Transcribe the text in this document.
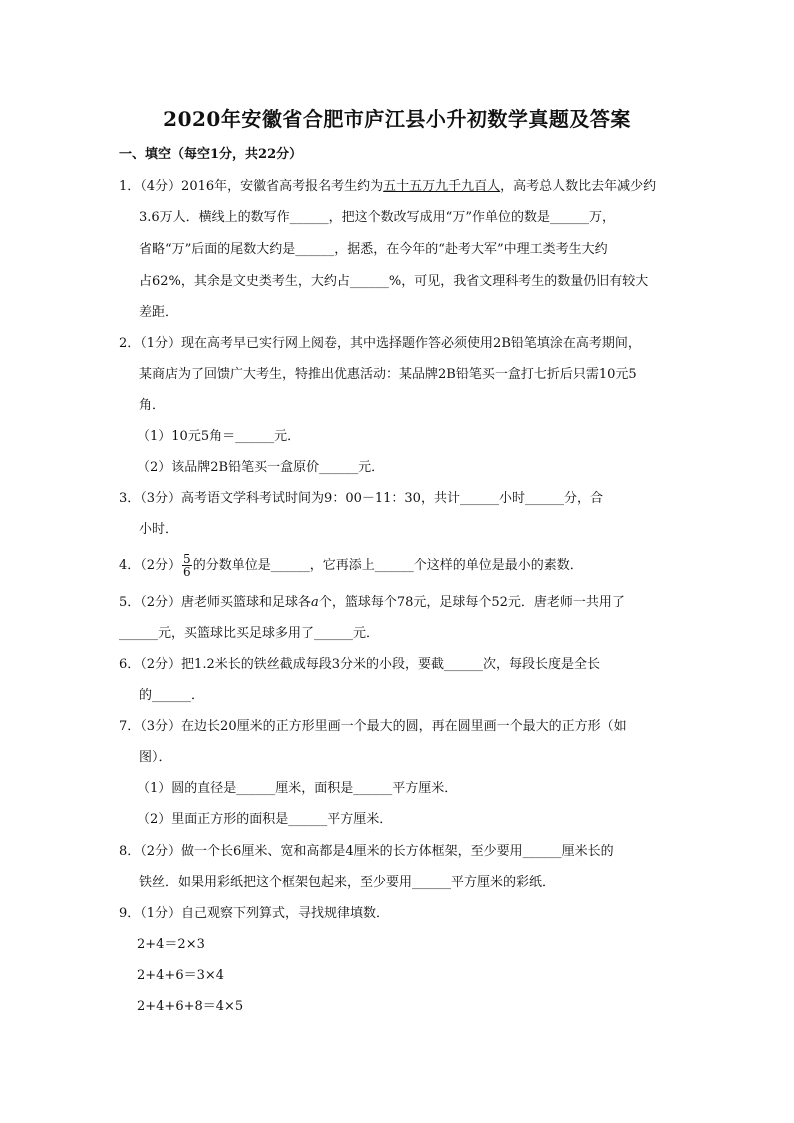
2020年安徽省合肥市庐江县小升初数学真题及答案
一、填空（每空1分，共22分）
1．（4分）2016年，安徽省高考报名考生约为五十五万九千九百人，高考总人数比去年减少约
3.6万人．横线上的数写作______，把这个数改写成用“万”作单位的数是______万，
省略“万”后面的尾数大约是______，据悉，在今年的“赴考大军”中理工类考生大约
占62%，其余是文史类考生，大约占______%，可见，我省文理科考生的数量仍旧有较大
差距．
2．（1分）现在高考早已实行网上阅卷，其中选择题作答必须使用2B铅笔填涂在高考期间，
某商店为了回馈广大考生，特推出优惠活动：某品牌2B铅笔买一盒打七折后只需10元5
角．
（1）10元5角＝______元．
（2）该品牌2B铅笔买一盒原价______元．
3．（3分）高考语文学科考试时间为9：00－11：30，共计______小时______分，合
小时．
4．（2分） $\frac{5}{6}$ 的分数单位是______，它再添上______个这样的单位是最小的素数．
5．（2分）唐老师买篮球和足球各a个，篮球每个78元，足球每个52元．唐老师一共用了
______元，买篮球比买足球多用了______元．
6．（2分）把1.2米长的铁丝截成每段3分米的小段，要截______次，每段长度是全长
的______．
7．（3分）在边长20厘米的正方形里画一个最大的圆，再在圆里画一个最大的正方形（如
图）．
（1）圆的直径是______厘米，面积是______平方厘米．
（2）里面正方形的面积是______平方厘米．
8．（2分）做一个长6厘米、宽和高都是4厘米的长方体框架，至少要用______厘米长的
铁丝．如果用彩纸把这个框架包起来，至少要用______平方厘米的彩纸．
9．（1分）自己观察下列算式，寻找规律填数．
2+4＝2×3
2+4+6＝3×4
2+4+6+8＝4×5
